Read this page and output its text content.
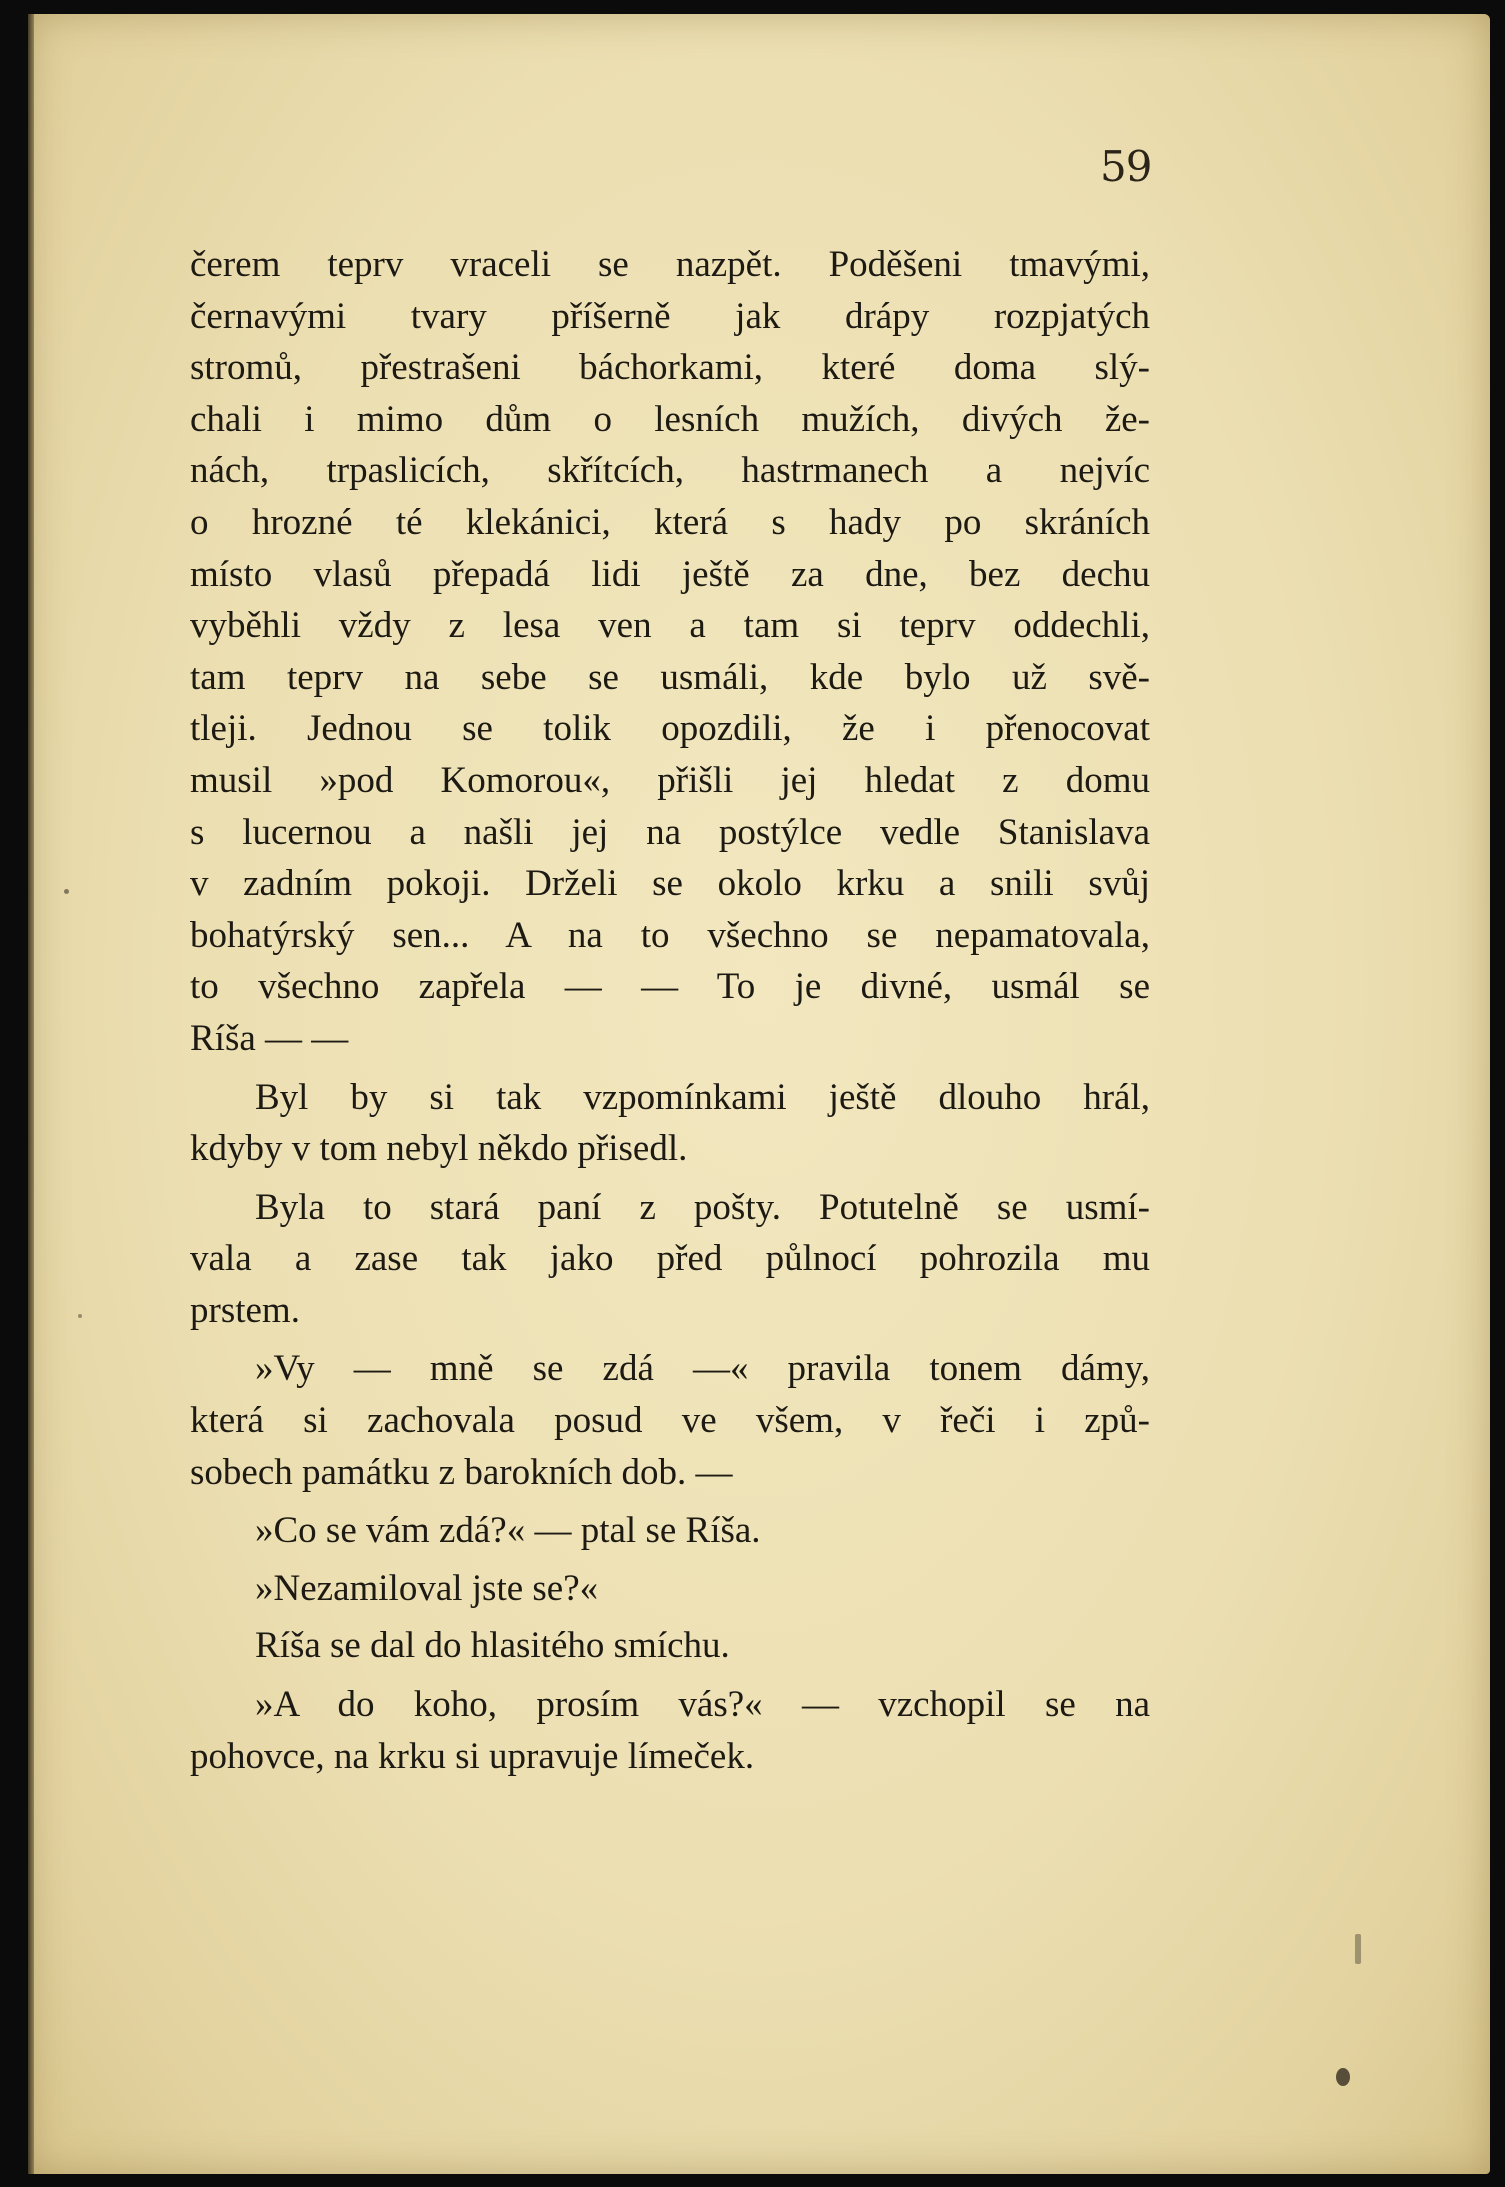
59

čerem teprv vraceli se nazpět. Poděšeni tmavými,
černavými tvary příšerně jak drápy rozpjatých
stromů, přestrašeni báchorkami, které doma slý-
chali i mimo dům o lesních mužích, divých že-
nách, trpaslicích, skřítcích, hastrmanech a nejvíc
o hrozné té klekánici, která s hady po skráních
místo vlasů přepadá lidi ještě za dne, bez dechu
vyběhli vždy z lesa ven a tam si teprv oddechli,
tam teprv na sebe se usmáli, kde bylo už svě-
tleji. Jednou se tolik opozdili, že i přenocovat
musil »pod Komorou«, přišli jej hledat z domu
s lucernou a našli jej na postýlce vedle Stanislava
v zadním pokoji. Drželi se okolo krku a snili svůj
bohatýrský sen... A na to všechno se nepamatovala,
to všechno zapřela — — To je divné, usmál se
Ríša — —

Byl by si tak vzpomínkami ještě dlouho hrál,
kdyby v tom nebyl někdo přisedl.

Byla to stará paní z pošty. Potutelně se usmí-
vala a zase tak jako před půlnocí pohrozila mu
prstem.

»Vy — mně se zdá —« pravila tonem dámy,
která si zachovala posud ve všem, v řeči i způ-
sobech památku z barokních dob. —

»Co se vám zdá?« — ptal se Ríša.

»Nezamiloval jste se?«

Ríša se dal do hlasitého smíchu.

»A do koho, prosím vás?« — vzchopil se na
pohovce, na krku si upravuje límeček.
